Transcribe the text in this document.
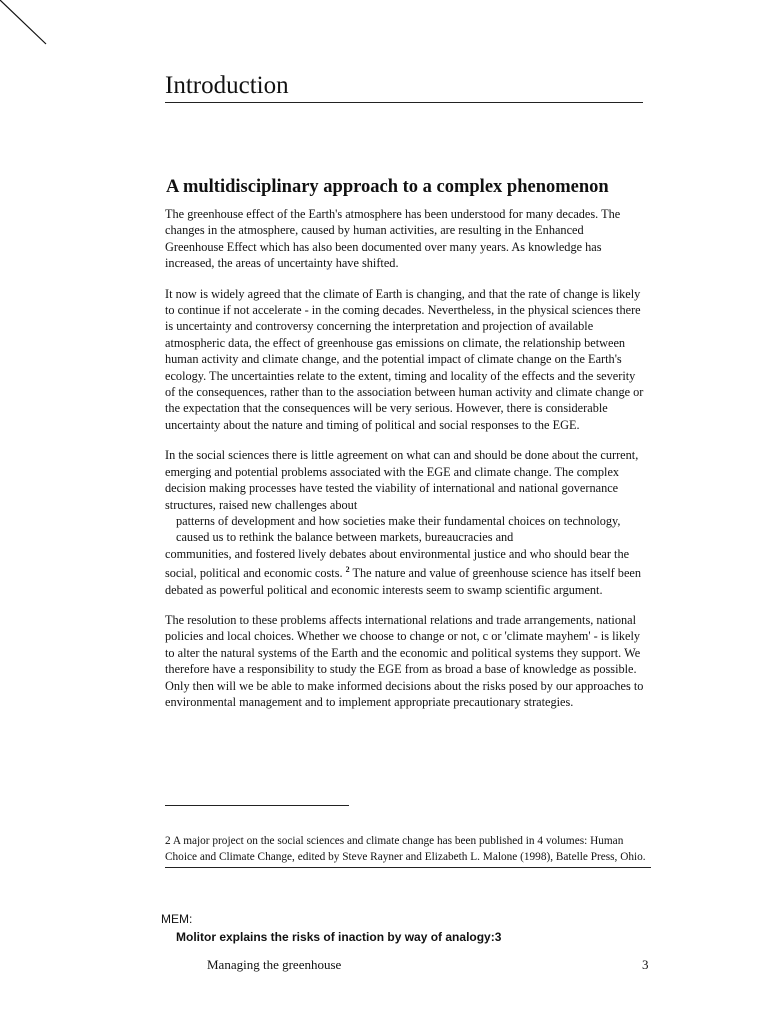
Introduction
A multidisciplinary approach to a complex phenomenon

The greenhouse effect of the Earth's atmosphere has been understood for many decades. The changes in the atmosphere, caused by human activities, are resulting in the Enhanced Greenhouse Effect which has also been documented over many years. As knowledge has increased, the areas of uncertainty have shifted.

It now is widely agreed that the climate of Earth is changing, and that the rate of change is likely to continue if not accelerate - in the coming decades. Nevertheless, in the physical sciences there is uncertainty and controversy concerning the interpretation and projection of available atmospheric data, the effect of greenhouse gas emissions on climate, the relationship between human activity and climate change, and the potential impact of climate change on the Earth's ecology. The uncertainties relate to the extent, timing and locality of the effects and the severity of the consequences, rather than to the association between human activity and climate change or the expectation that the consequences will be very serious. However, there is considerable uncertainty about the nature and timing of political and social responses to the EGE.

In the social sciences there is little agreement on what can and should be done about the current, emerging and potential problems associated with the EGE and climate change. The complex decision making processes have tested the viability of international and national governance structures, raised new challenges about patterns of development and how societies make their fundamental choices on technology, caused us to rethink the balance between markets, bureaucracies and communities, and fostered lively debates about environmental justice and who should bear the social, political and economic costs. $^2$ The nature and value of greenhouse science has itself been debated as powerful political and economic interests seem to swamp scientific argument.

The resolution to these problems affects international relations and trade arrangements, national policies and local choices. Whether we choose to change or not, c or 'climate mayhem' - is likely to alter the natural systems of the Earth and the economic and political systems they support. We therefore have a responsibility to study the EGE from as broad a base of knowledge as possible. Only then will we be able to make informed decisions about the risks posed by our approaches to environmental management and to implement appropriate precautionary strategies.

2 A major project on the social sciences and climate change has been published in 4 volumes: Human Choice and Climate Change, edited by Steve Rayner and Elizabeth L. Malone (1998), Batelle Press, Ohio.
MEM:
Molitor explains the risks of inaction by way of analogy:3
Managing the greenhouse	3
